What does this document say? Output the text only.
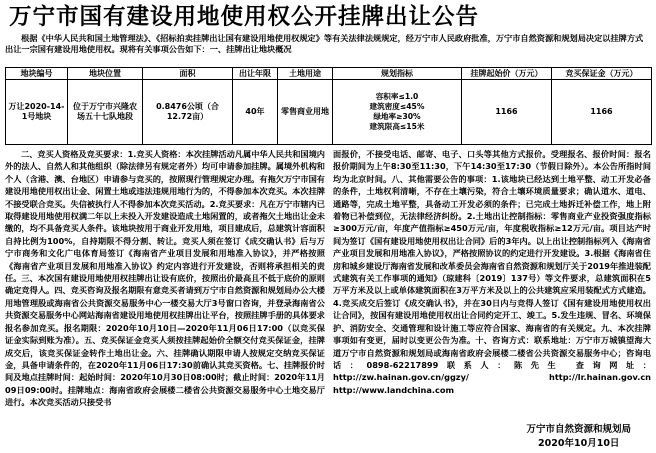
万宁市国有建设用地使用权公开挂牌出让公告
根据《中华人民共和国土地管理法》、《招标拍卖挂牌出让国有建设用地使用权规定》等有关法律法规规定，经万宁市人民政府批准，万宁市自然资源和规划局决定以挂牌方式出让一宗国有建设用地使用权。现将有关事项公告如下：一、挂牌出让地块概况
地块编号	地块位置	面积	出让年限	土地用途	规划指标	挂牌起始价（万元）	竞买保证金（万元）
万让2020-14-1号地块	位于万宁市兴隆农场五十七队地段	0.8476公顷（合12.72亩）	40年	零售商业用地	容积率≤1.0
建筑密度≤45%
绿地率≥30%
建筑限高≤15米	1166	1166
二、竞买人资格及竞买要求：1.竞买人资格：本次挂牌活动凡属中华人民共和国境内外的法人、自然人和其他组织（除法律另有规定者外）均可申请参加挂牌。属境外机构和个人（含港、澳、台地区）申请参与竞买的，按照现行管理规定办理。有拖欠万宁市国有建设用地使用权出让金、闲置土地或违法违规用地行为的，不得参加本次竞买。本次挂牌不接受联合竞买。失信被执行人不得参加本次竞买活动。2.竞买要求：凡在万宁市辖内已取得建设用地使用权满二年以上未投入开发建设造成土地闲置的，或者拖欠土地出让金未缴的，均不具备竞买人条件。该地块按用于商业开发用地，项目建成后，总建筑计容面积自持比例为100%，自持期限不得分割、转让。竞买人须在签订《成交确认书》后与万宁市商务和文化广电体育局签订《海南省产业项目发展和用地准入协议》，并严格按照《海南省产业项目发展和用地准入协议》约定内容进行开发建设，否则将承担相关的责任。三、本次国有建设用地使用权挂牌出让设有底价，按照出价最高且不低于底价的原则确定竞得人。四、竞买咨询及报名期限有意竞买者请到万宁市自然资源和规划局办公大楼用地管理股或海南省公共资源交易服务中心一楼交易大厅3号窗口咨询，并登录海南省公共资源交易服务中心网站海南省建设用地使用权挂牌出让平台，按照挂牌手册的具体要求报名参加竞买。报名期限：2020年10月10日—2020年11月06日17:00（以竞买保证金实际到账为准）。五、竞买保证金竞买人须按挂牌起始价全额交付竞买保证金，挂牌成交后，该竞买保证金转作土地出让金。六、挂牌确认期限申请人按规定交纳竞买保证金，具备申请条件的，在2020年11月06日17:30前确认其竞买资格。七、挂牌报价时间及地点挂牌时间：起始时间：2020年10月30日08:00时；截止时间：2020年11月09日09:00时。挂牌地点：海南省政府会展楼二楼省公共资源交易服务中心土地交易厅进行。本次竞买活动只接受书
面报价，不接受电话、邮寄、电子、口头等其他方式报价。受理报名、报价时间：报名报价期间为上午8:30至11:30，下午14:30至17:30（节假日除外）。本公告所指时间均为北京时间。八、其他需要公告的事项：1.该地块已经达到土地平整、动工开发必备的条件，土地权利清晰，不存在土壤污染，符合土壤环境质量要求；确认道水、道电、通路等，完成土地平整，具备动工开发必须的条件；已完成土地拆迁补偿工作，地上附着物已补偿到位，无法律经济纠纷。2.土地出让控制指标：零售商业产业投资强度指标≥300万元/亩，年度产值指标≥450万元/亩，年度税收指标≥12万元/亩。项目达产时间为签订《国有建设用地使用权出让合同》后的3年内。以上出让控制指标列入《海南省产业项目发展和用地准入协议》，严格按照协议的约定进行开发建设。3.根据《海南省住房和城乡建设厅海南省发展和改革委员会海南省自然资源和规划厅关于2019年推进装配式建筑有关工作事项的通知》（琼建科〔2019〕137号）等文件要求，总建筑面积在5万平方米及以上或单体建筑面积在3万平方米及以上的公共建筑应采用装配式方式建造。4.竞买成交后签订《成交确认书》，并在30日内与竞得人签订《国有建设用地使用权出让合同》，按国有建设用地使用权出让合同约定开工、竣工。5.发生违规、冒名、环境保护、消防安全、交通管理和设计施工等应符合国家、海南省的有关规定。九、本次挂牌事项如有变更，届时以变更公告为准。十、咨询方式：联系地址：万宁市万城镇望海大道万宁市自然资源和规划局或海南省政府会展楼二楼省公共资源交易服务中心；咨询电话：0898-62217899联系人：陈先生 查询网址：http://zw.hainan.gov.cn/ggzy/ http://lr.hainan.gov.cn http://www.landchina.com
万宁市自然资源和规划局
2020年10月10日
